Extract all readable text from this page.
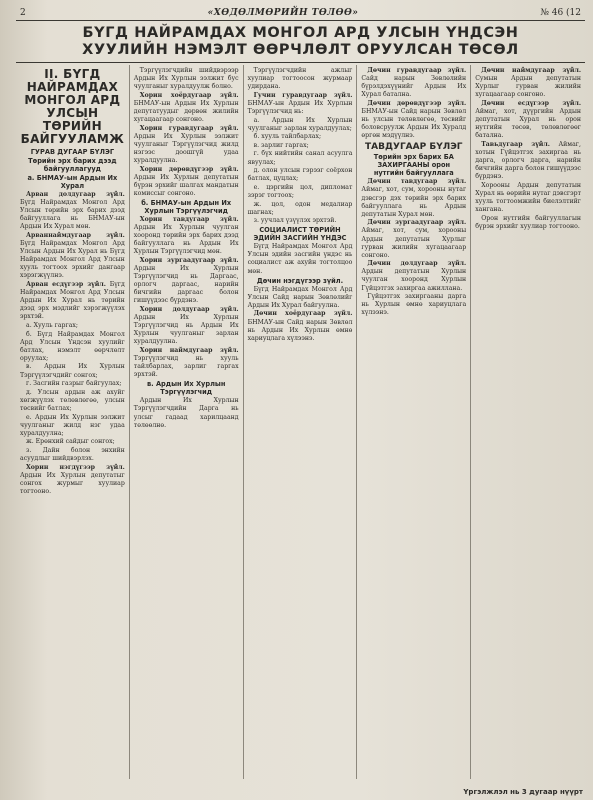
2	«ХӨДӨЛМӨРИЙН ТӨЛӨӨ»	№ 46 (12
БҮГД НАЙРАМДАХ МОНГОЛ АРД УЛСЫН ҮНДСЭН
ХУУЛИЙН НЭМЭЛТ ӨӨРЧЛӨЛТ ОРУУЛСАН ТӨСӨЛ
II. БҮГД НАЙРАМДАХ МОНГОЛ АРД УЛСЫН ТӨРИЙН БАЙГУУЛАМЖ
ГУРАВ ДУГААР БҮЛЭГ
Төрийн эрх барих дээд байгууллагууд
а. БНМАУ-ын Ардын Их Хурал

Арван долдугаар зүйл. Бүгд Найрамдах Монгол Ард Улсын төрийн эрх барих дээд байгууллага нь БНМАУ-ын Ардын Их Хурал мөн.

Арваннаймдугаар зүйл. Бүгд Найрамдах Монгол Ард Улсын Ардын Их Хурал нь Бүгд Найрамдах Монгол Ард Улсын хууль тогтоох эрхийг дангаар хэрэгжүүлнэ.

Арван есдүгээр зүйл. Бүгд Найрамдах Монгол Ард Улсын Ардын Их Хурал нь төрийн дээд эрх мэдлийг хэрэгжүүлэх эрхтэй.

а. Хууль гаргах;

б. Бүгд Найрамдах Монгол Ард Улсын Үндсэн хуулийг батлах, нэмэлт өөрчлөлт оруулах;

в. Ардын Их Хурлын Тэргүүлэгчдийг сонгох;

г. Засгийн газрыг байгуулах;

д. Улсын ардын аж ахуйг хөгжүүлэх төлөвлөгөө, улсын төсвийг батлах;

е. Ардын Их Хурлын ээлжит чуулганыг жилд нэг удаа хуралдуулна;

ж. Ерөнхий сайдыг сонгох;

з. Дайн болон энхийн асуудлыг шийдвэрлэх.

Хорин нэгдүгээр зүйл. Ардын Их Хурлын депутатыг сонгох журмыг хуулиар тогтооно.

Тэргүүлэгчдийн шийдвэрээр Ардын Их Хурлын ээлжит бус чуулганыг хуралдуулж болно.

Хорин хоёрдугаар зүйл. БНМАУ-ын Ардын Их Хурлын депутатуудыг дөрвөн жилийн хугацаагаар сонгоно.

Хорин гуравдугаар зүйл. Ардын Их Хурлын ээлжит чуулганыг Тэргүүлэгчид жилд нэгээс доошгүй удаа хуралдуулна.

Хорин дөрөвдүгээр зүйл. Ардын Их Хурлын депутатын бүрэн эрхийг шалгах мандатын комиссыг сонгоно.

б. БНМАУ-ын Ардын Их Хурлын Тэргүүлэгчид

Хорин тавдугаар зүйл. Ардын Их Хурлын чуулган хооронд төрийн эрх барих дээд байгууллага нь Ардын Их Хурлын Тэргүүлэгчид мөн.

Хорин зургаадугаар зүйл. Ардын Их Хурлын Тэргүүлэгчид нь Даргаас, орлогч даргаас, нарийн бичгийн даргаас болон гишүүдээс бүрдэнэ.

Хорин долдугаар зүйл. Ардын Их Хурлын Тэргүүлэгчид нь Ардын Их Хурлын чуулганыг зарлан хуралдуулна.

Хорин наймдугаар зүйл. Тэргүүлэгчид нь хууль тайлбарлах, зарлиг гаргах эрхтэй.

в. Ардын Их Хурлын Тэргүүлэгчид

Ардын Их Хурлын Тэргүүлэгчдийн Дарга нь улсыг гадаад харилцаанд төлөөлнө.

Тэргүүлэгчдийн ажлыг хуулиар тогтоосон журмаар удирдана.

Гучин гуравдугаар зүйл. БНМАУ-ын Ардын Их Хурлын Тэргүүлэгчид нь:

а. Ардын Их Хурлын чуулганыг зарлан хуралдуулах;

б. хууль тайлбарлах;

в. зарлиг гаргах;

г. бүх нийтийн санал асуулга явуулах;

д. олон улсын гэрээг соёрхон батлах, цуцлах;

е. цэргийн цол, дипломат зэрэг тогтоох;

ж. цол, одон медалиар шагнах;

з. уучлал үзүүлэх эрхтэй.

СОЦИАЛИСТ ТӨРИЙН ЭДИЙН ЗАСГИЙН ҮНДЭС

Бүгд Найрамдах Монгол Ард Улсын эдийн засгийн үндэс нь социалист аж ахуйн тогтолцоо мөн.

Дөчин нэгдүгээр зүйл.

Бүгд Найрамдах Монгол Ард Улсын Сайд нарын Зөвлөлийг Ардын Их Хурал байгуулна.

Дөчин хоёрдугаар зүйл. БНМАУ-ын Сайд нарын Зөвлөл нь Ардын Их Хурлын өмнө хариуцлага хүлээнэ.

Дөчин гуравдугаар зүйл. Сайд нарын Зөвлөлийн бүрэлдэхүүнийг Ардын Их Хурал батална.

Дөчин дөрөвдүгээр зүйл. БНМАУ-ын Сайд нарын Зөвлөл нь улсын төлөвлөгөө, төсвийг боловсруулж Ардын Их Хуралд өргөн мэдүүлнэ.

ТАВДУГААР БҮЛЭГ
Төрийн эрх барих БА ЗАХИРГААНЫ орон нутгийн байгууллага

Дөчин тавдугаар зүйл. Аймаг, хот, сум, хорооны нутаг дэвсгэр дэх төрийн эрх барих байгууллага нь Ардын депутатын Хурал мөн.

Дөчин зургаадугаар зүйл. Аймаг, хот, сум, хорооны Ардын депутатын Хурлыг гурван жилийн хугацаагаар сонгоно.

Дөчин долдугаар зүйл. Ардын депутатын Хурлын чуулган хооронд Хурлын Гүйцэтгэх захиргаа ажиллана.

Гүйцэтгэх захиргааны дарга нь Хурлын өмнө хариуцлага хүлээнэ.

Дөчин наймдугаар зүйл. Сумын Ардын депутатын Хурлыг гурван жилийн хугацаагаар сонгоно.

Дөчин есдүгээр зүйл. Аймаг, хот, дүүргийн Ардын депутатын Хурал нь орон нутгийн төсөв, төлөвлөгөөг батална.

Тавьдугаар зүйл. Аймаг, хотын Гүйцэтгэх захиргаа нь дарга, орлогч дарга, нарийн бичгийн дарга болон гишүүдээс бүрдэнэ.

Хорооны Ардын депутатын Хурал нь өөрийн нутаг дэвсгэрт хууль тогтоомжийн биелэлтийг хангана.

Орон нутгийн байгууллагын бүрэн эрхийг хуулиар тогтооно.

Үргэлжлэл нь 3 дугаар нүүрт
